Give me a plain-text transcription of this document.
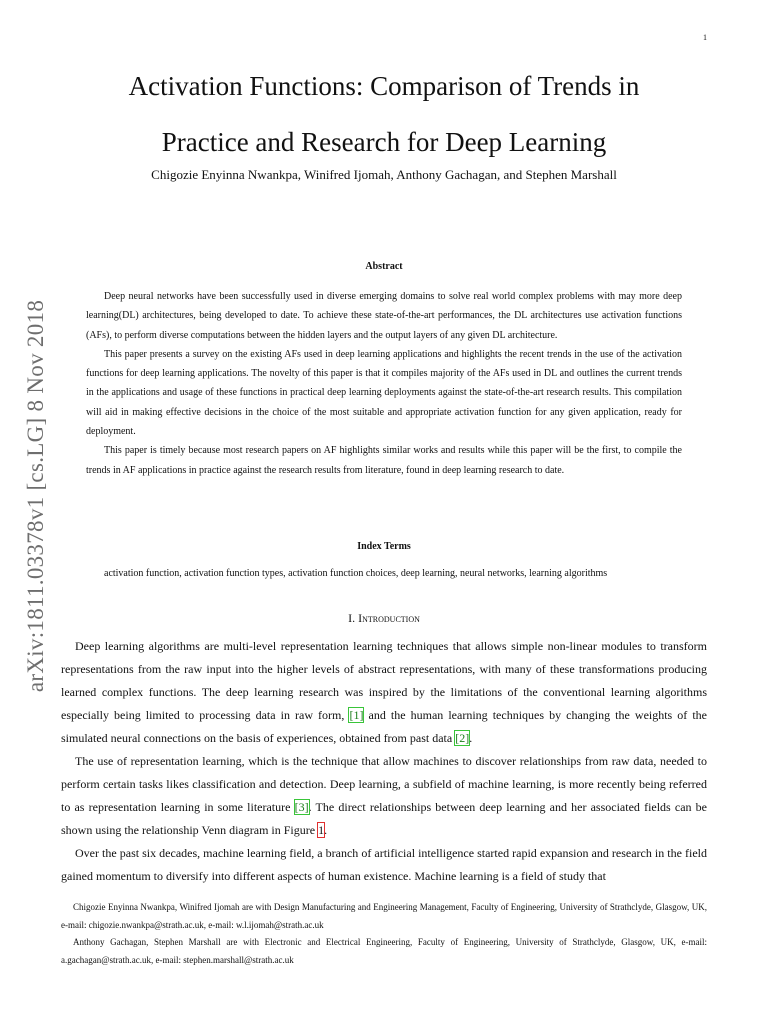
1
arXiv:1811.03378v1 [cs.LG] 8 Nov 2018
Activation Functions: Comparison of Trends in
Practice and Research for Deep Learning

Chigozie Enyinna Nwankpa, Winifred Ijomah, Anthony Gachagan, and Stephen Marshall

Abstract

Deep neural networks have been successfully used in diverse emerging domains to solve real world complex problems with may more deep learning(DL) architectures, being developed to date. To achieve these state-of-the-art performances, the DL architectures use activation functions (AFs), to perform diverse computations between the hidden layers and the output layers of any given DL architecture.

This paper presents a survey on the existing AFs used in deep learning applications and highlights the recent trends in the use of the activation functions for deep learning applications. The novelty of this paper is that it compiles majority of the AFs used in DL and outlines the current trends in the applications and usage of these functions in practical deep learning deployments against the state-of-the-art research results. This compilation will aid in making effective decisions in the choice of the most suitable and appropriate activation function for any given application, ready for deployment.

This paper is timely because most research papers on AF highlights similar works and results while this paper will be the first, to compile the trends in AF applications in practice against the research results from literature, found in deep learning research to date.

Index Terms

activation function, activation function types, activation function choices, deep learning, neural networks, learning algorithms

I. Introduction

Deep learning algorithms are multi-level representation learning techniques that allows simple non-linear modules to transform representations from the raw input into the higher levels of abstract representations, with many of these transformations producing learned complex functions. The deep learning research was inspired by the limitations of the conventional learning algorithms especially being limited to processing data in raw form, [1] and the human learning techniques by changing the weights of the simulated neural connections on the basis of experiences, obtained from past data [2].

The use of representation learning, which is the technique that allow machines to discover relationships from raw data, needed to perform certain tasks likes classification and detection. Deep learning, a subfield of machine learning, is more recently being referred to as representation learning in some literature [3]. The direct relationships between deep learning and her associated fields can be shown using the relationship Venn diagram in Figure 1.

Over the past six decades, machine learning field, a branch of artificial intelligence started rapid expansion and research in the field gained momentum to diversify into different aspects of human existence. Machine learning is a field of study that

Chigozie Enyinna Nwankpa, Winifred Ijomah are with Design Manufacturing and Engineering Management, Faculty of Engineering, University of Strathclyde, Glasgow, UK, e-mail: chigozie.nwankpa@strath.ac.uk, e-mail: w.l.ijomah@strath.ac.uk

Anthony Gachagan, Stephen Marshall are with Electronic and Electrical Engineering, Faculty of Engineering, University of Strathclyde, Glasgow, UK, e-mail: a.gachagan@strath.ac.uk, e-mail: stephen.marshall@strath.ac.uk
